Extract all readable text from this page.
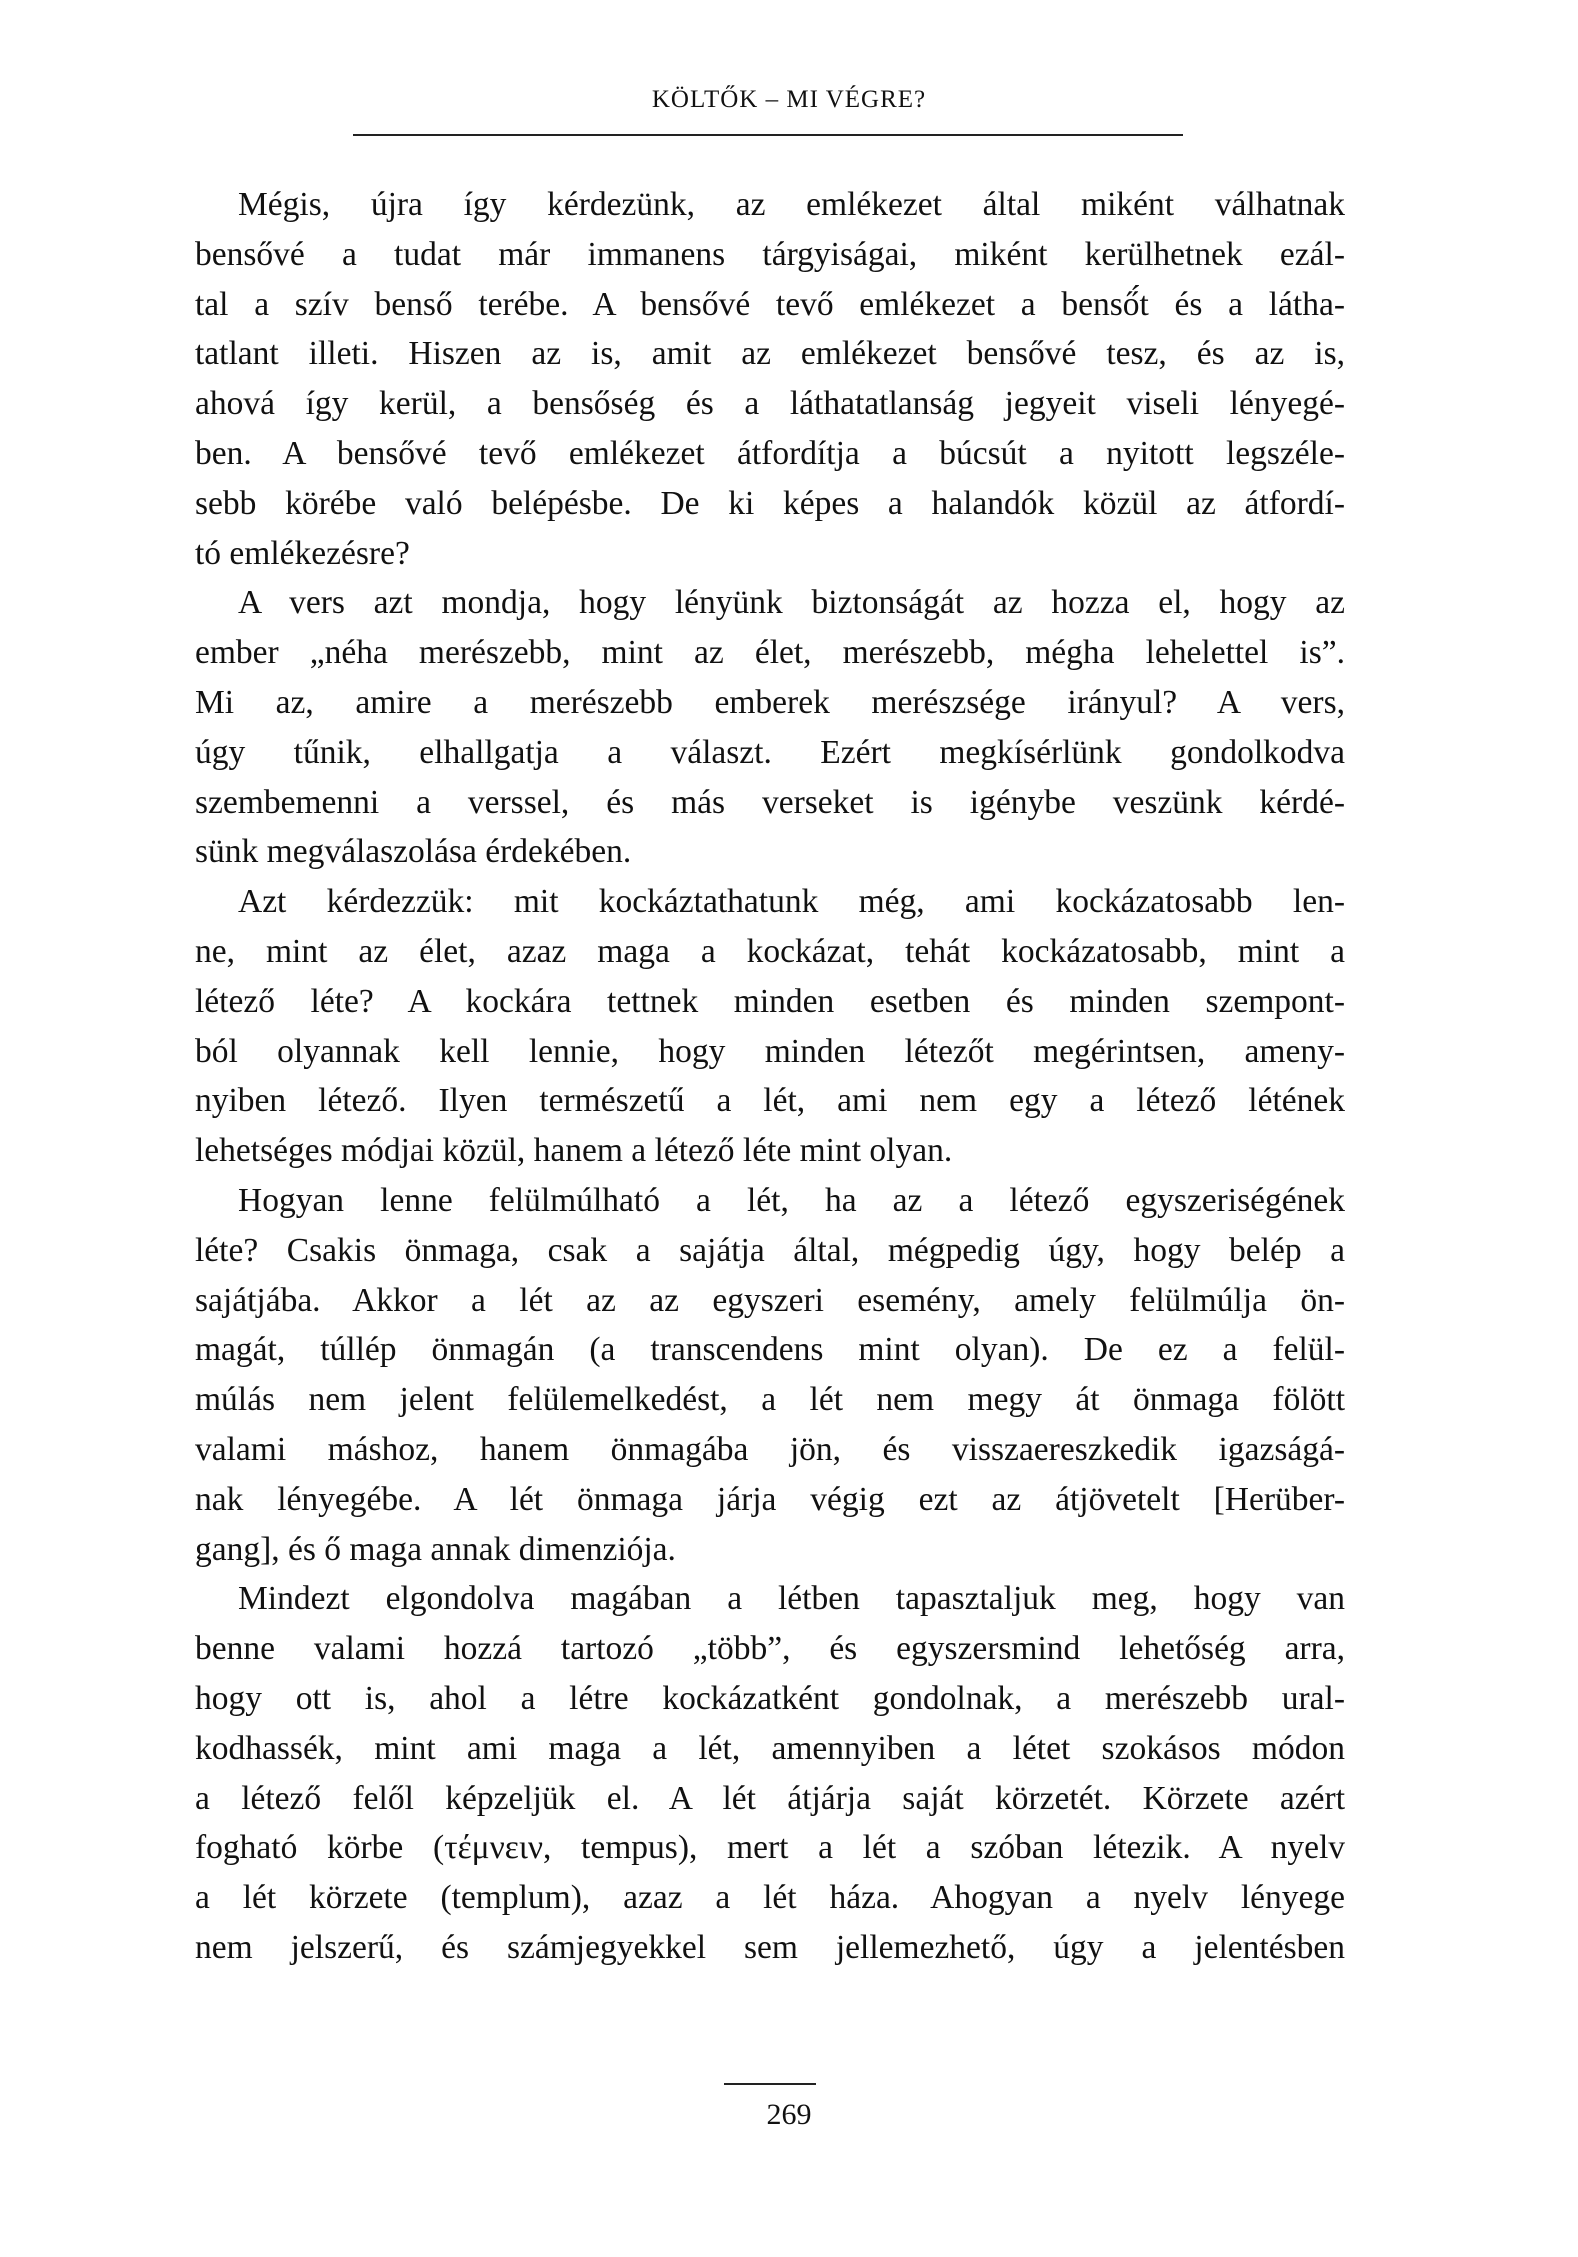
KÖLTŐK – MI VÉGRE?
Mégis, újra így kérdezünk, az emlékezet által miként válhatnak
bensővé a tudat már immanens tárgyiságai, miként kerülhetnek ezál-
tal a szív benső terébe. A bensővé tevő emlékezet a benső́t és a látha-
tatlant illeti. Hiszen az is, amit az emlékezet bensővé tesz, és az is,
ahová így kerül, a bensőség és a láthatatlanság jegyeit viseli lényegé-
ben. A bensővé tevő emlékezet átfordítja a búcsút a nyitott legszéle-
sebb körébe való belépésbe. De ki képes a halandók közül az átfordí-
tó emlékezésre?
A vers azt mondja, hogy lényünk biztonságát az hozza el, hogy az
ember „néha merészebb, mint az élet, merészebb, mégha lehelettel is”.
Mi az, amire a merészebb emberek merészsége irányul? A vers,
úgy tűnik, elhallgatja a választ. Ezért megkísérlünk gondolkodva
szembemenni a verssel, és más verseket is igénybe veszünk kérdé-
sünk megválaszolása érdekében.
Azt kérdezzük: mit kockáztathatunk még, ami kockázatosabb len-
ne, mint az élet, azaz maga a kockázat, tehát kockázatosabb, mint a
létező léte? A kockára tettnek minden esetben és minden szempont-
ból olyannak kell lennie, hogy minden létezőt megérintsen, ameny-
nyiben létező. Ilyen természetű a lét, ami nem egy a létező létének
lehetséges módjai közül, hanem a létező léte mint olyan.
Hogyan lenne felülmúlható a lét, ha az a létező egyszeriségének
léte? Csakis önmaga, csak a sajátja által, mégpedig úgy, hogy belép a
sajátjába. Akkor a lét az az egyszeri esemény, amely felülmúlja ön-
magát, túllép önmagán (a transcendens mint olyan). De ez a felül-
múlás nem jelent felülemelkedést, a lét nem megy át önmaga fölött
valami máshoz, hanem önmagába jön, és visszaereszkedik igazságá-
nak lényegébe. A lét önmaga járja végig ezt az átjövetelt [Herüber-
gang], és ő maga annak dimenziója.
Mindezt elgondolva magában a létben tapasztaljuk meg, hogy van
benne valami hozzá tartozó „több”, és egyszersmind lehetőség arra,
hogy ott is, ahol a létre kockázatként gondolnak, a merészebb ural-
kodhassék, mint ami maga a lét, amennyiben a létet szokásos módon
a létező felől képzeljük el. A lét átjárja saját körzetét. Körzete azért
fogható körbe (τέμνειν, tempus), mert a lét a szóban létezik. A nyelv
a lét körzete (templum), azaz a lét háza. Ahogyan a nyelv lényege
nem jelszerű, és számjegyekkel sem jellemezhető, úgy a jelentésben
269
